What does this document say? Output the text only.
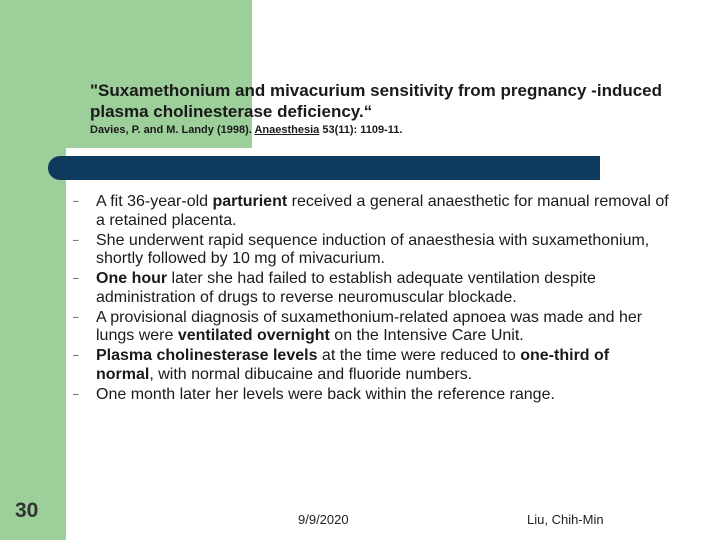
"Suxamethonium and mivacurium sensitivity from pregnancy -induced plasma cholinesterase deficiency.“
Davies, P. and M. Landy (1998). Anaesthesia 53(11): 1109-11.
– A fit 36-year-old parturient received a general anaesthetic for manual removal of a retained placenta.
– She underwent rapid sequence induction of anaesthesia with suxamethonium, shortly followed by 10 mg of mivacurium.
– One hour later she had failed to establish adequate ventilation despite administration of drugs to reverse neuromuscular blockade.
– A provisional diagnosis of suxamethonium-related apnoea was made and her lungs were ventilated overnight on the Intensive Care Unit.
– Plasma cholinesterase levels at the time were reduced to one-third of normal, with normal dibucaine and fluoride numbers.
– One month later her levels were back within the reference range.
30	9/9/2020	Liu, Chih-Min
